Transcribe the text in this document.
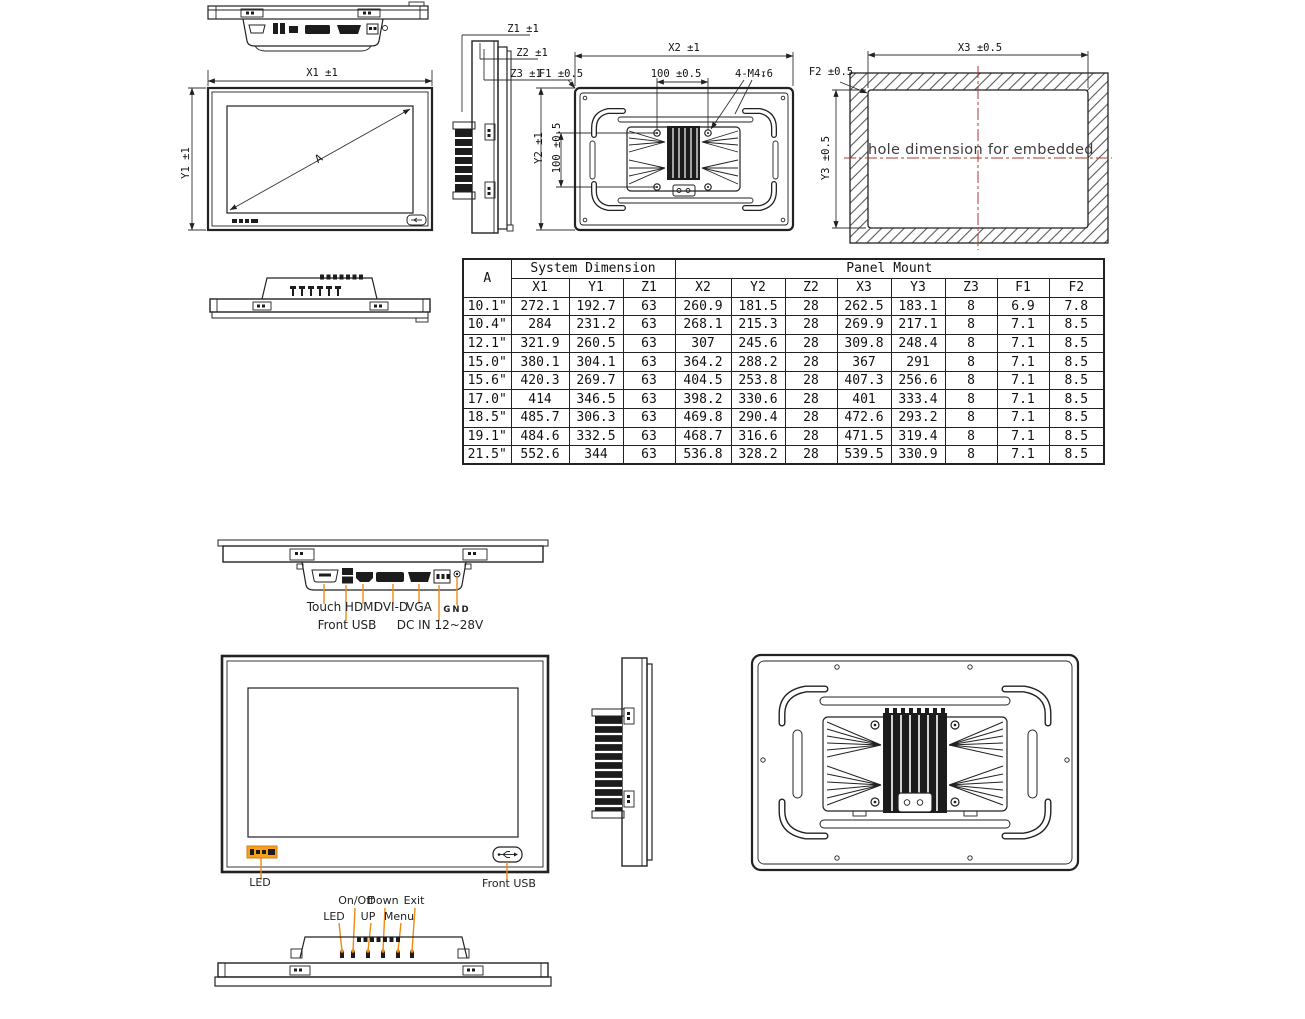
A	System Dimension			Panel Mount							
	X1	Y1	Z1	X2	Y2	Z2	X3	Y3	Z3	F1	F2
10.1"	272.1	192.7	63	260.9	181.5	28	262.5	183.1	8	6.9	7.8
10.4"	284	231.2	63	268.1	215.3	28	269.9	217.1	8	7.1	8.5
12.1"	321.9	260.5	63	307	245.6	28	309.8	248.4	8	7.1	8.5
15.0"	380.1	304.1	63	364.2	288.2	28	367	291	8	7.1	8.5
15.6"	420.3	269.7	63	404.5	253.8	28	407.3	256.6	8	7.1	8.5
17.0"	414	346.5	63	398.2	330.6	28	401	333.4	8	7.1	8.5
18.5"	485.7	306.3	63	469.8	290.4	28	472.6	293.2	8	7.1	8.5
19.1"	484.6	332.5	63	468.7	316.6	28	471.5	319.4	8	7.1	8.5
21.5"	552.6	344	63	536.8	328.2	28	539.5	330.9	8	7.1	8.5
X1 ±1
Y1 ±1	A
Z1 ±1
Z2 ±1
Z3 ±1
F1 ±0.5
X2 ±1
100 ±0.5	4-M4↧6
Y2 ±1 100 ±0.5
X3 ±0.5
Y3 ±0.5
F2 ±0.5
hole dimension for embedded
Touch HDMI
DVI-D
VGA	GND
Front USB DC IN 12~28V
LED	Front USB
On/Off
Down Exit
LED	UP Menu
